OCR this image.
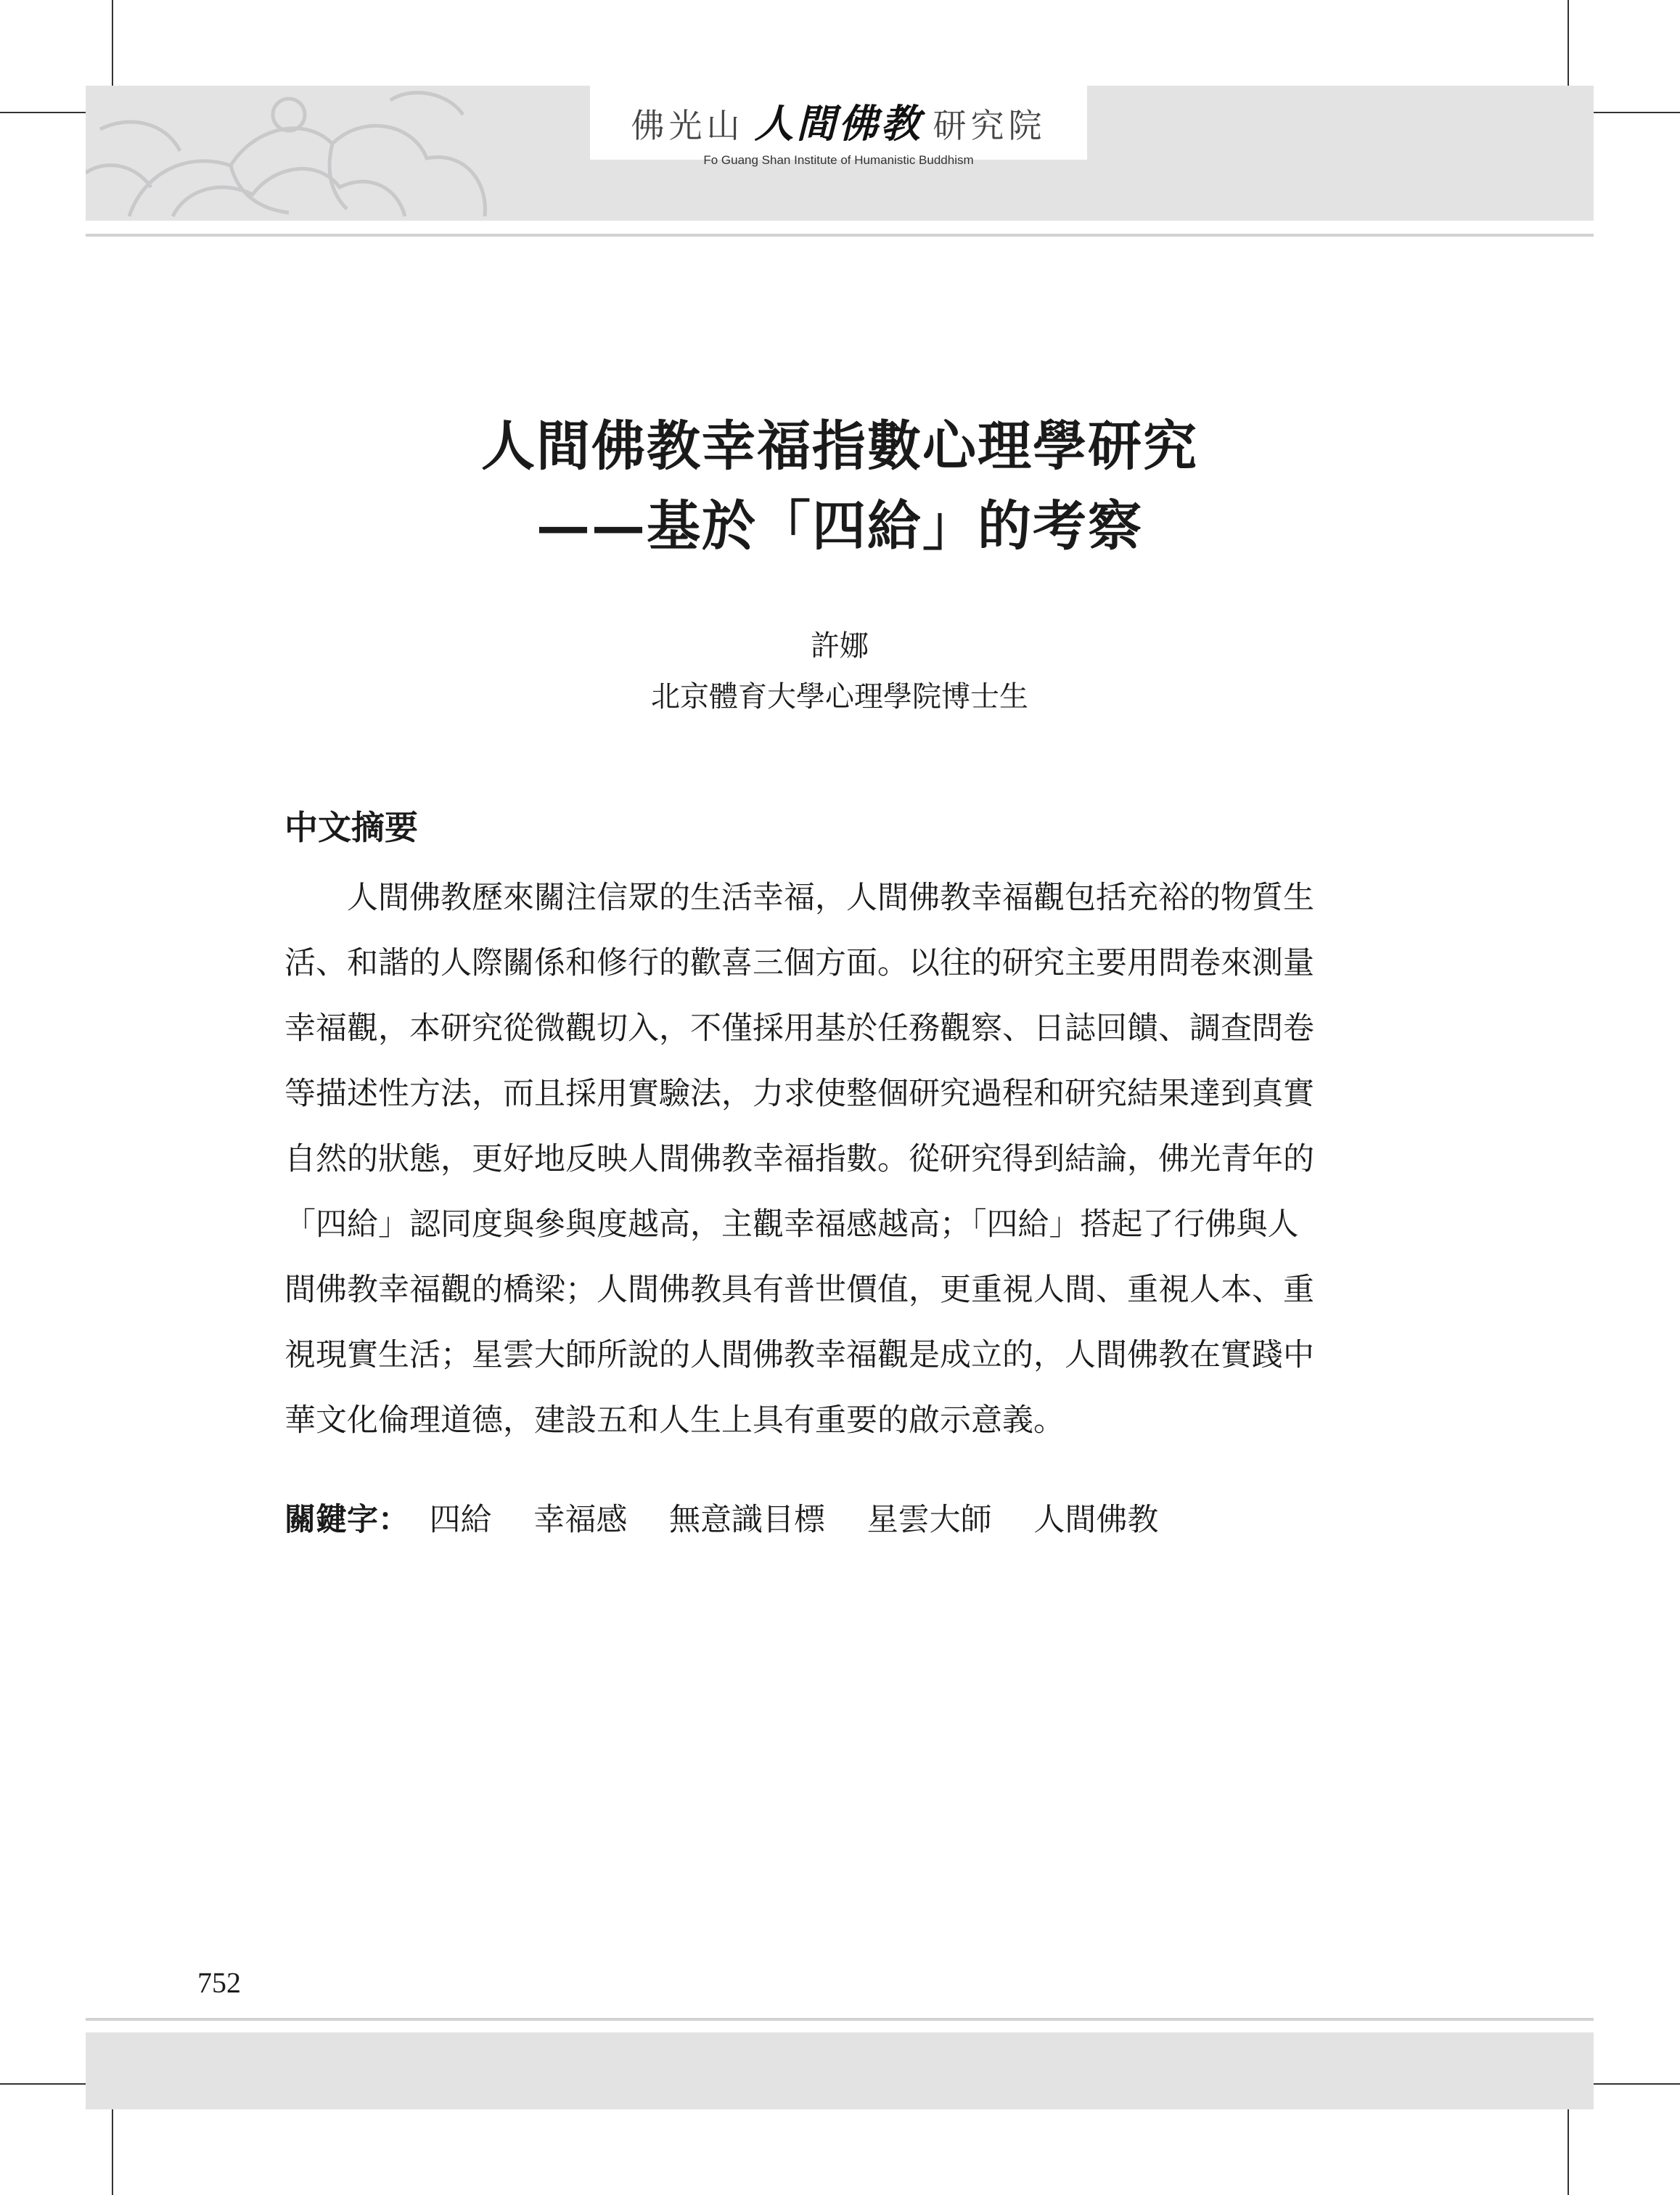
佛光山 人間佛教 研究院
Fo Guang Shan Institute of Humanistic Buddhism
人間佛教幸福指數心理學研究
——基於「四給」的考察
許娜
北京體育大學心理學院博士生
中文摘要
人間佛教歷來關注信眾的生活幸福，人間佛教幸福觀包括充裕的物質生
活、和諧的人際關係和修行的歡喜三個方面。以往的研究主要用問卷來測量
幸福觀，本研究從微觀切入，不僅採用基於任務觀察、日誌回饋、調查問卷
等描述性方法，而且採用實驗法，力求使整個研究過程和研究結果達到真實
自然的狀態，更好地反映人間佛教幸福指數。從研究得到結論，佛光青年的
「四給」認同度與參與度越高，主觀幸福感越高；「四給」搭起了行佛與人
間佛教幸福觀的橋梁；人間佛教具有普世價值，更重視人間、重視人本、重
視現實生活；星雲大師所說的人間佛教幸福觀是成立的，人間佛教在實踐中
華文化倫理道德，建設五和人生上具有重要的啟示意義。
關鍵字： 四給 幸福感 無意識目標 星雲大師 人間佛教
752
